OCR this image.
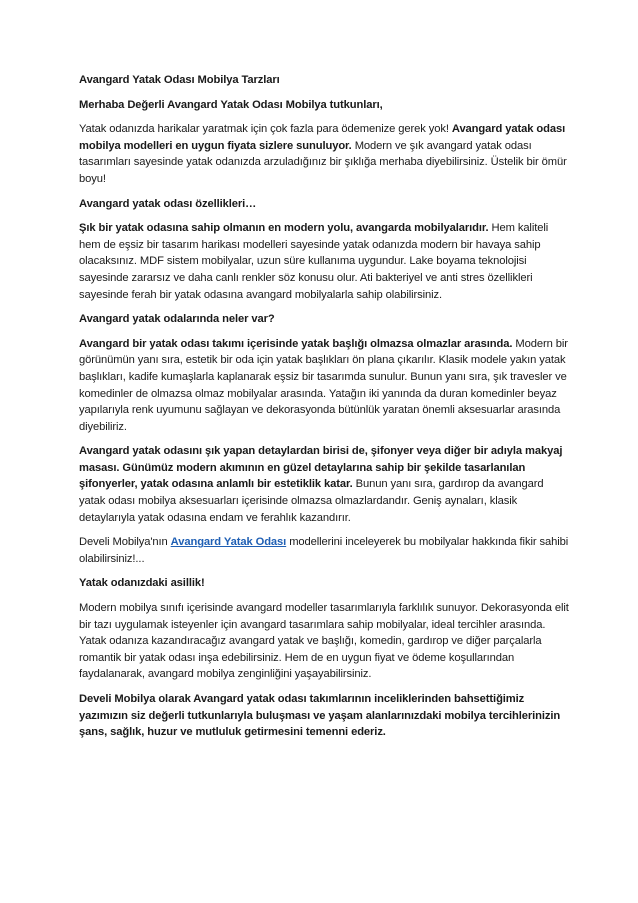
Avangard Yatak Odası Mobilya Tarzları
Merhaba Değerli Avangard Yatak Odası Mobilya tutkunları,
Yatak odanızda harikalar yaratmak için çok fazla para ödemenize gerek yok! Avangard yatak odası mobilya modelleri en uygun fiyata sizlere sunuluyor. Modern ve şık avangard yatak odası tasarımları sayesinde yatak odanızda arzuladığınız bir şıklığa merhaba diyebilirsiniz. Üstelik bir ömür boyu!
Avangard yatak odası özellikleri…
Şık bir yatak odasına sahip olmanın en modern yolu, avangarda mobilyalarıdır. Hem kaliteli hem de eşsiz bir tasarım harikası modelleri sayesinde yatak odanızda modern bir havaya sahip olacaksınız. MDF sistem mobilyalar, uzun süre kullanıma uygundur. Lake boyama teknolojisi sayesinde zararsız ve daha canlı renkler söz konusu olur. Ati bakteriyel ve anti stres özellikleri sayesinde ferah bir yatak odasına avangard mobilyalarla sahip olabilirsiniz.
Avangard yatak odalarında neler var?
Avangard bir yatak odası takımı içerisinde yatak başlığı olmazsa olmazlar arasında. Modern bir görünümün yanı sıra, estetik bir oda için yatak başlıkları ön plana çıkarılır. Klasik modele yakın yatak başlıkları, kadife kumaşlarla kaplanarak eşsiz bir tasarımda sunulur. Bunun yanı sıra, şık travesler ve komedinler de olmazsa olmaz mobilyalar arasında. Yatağın iki yanında da duran komedinler beyaz yapılarıyla renk uyumunu sağlayan ve dekorasyonda bütünlük yaratan önemli aksesuarlar arasında diyebiliriz.
Avangard yatak odasını şık yapan detaylardan birisi de, şifonyer veya diğer bir adıyla makyaj masası. Günümüz modern akımının en güzel detaylarına sahip bir şekilde tasarlanılan şifonyerler, yatak odasına anlamlı bir estetiklik katar. Bunun yanı sıra, gardırop da avangard yatak odası mobilya aksesuarları içerisinde olmazsa olmazlardandır. Geniş aynaları, klasik detaylarıyla yatak odasına endam ve ferahlık kazandırır.
Develi Mobilya'nın Avangard Yatak Odası modellerini inceleyerek bu mobilyalar hakkında fikir sahibi olabilirsiniz!...
Yatak odanızdaki asillik!
Modern mobilya sınıfı içerisinde avangard modeller tasarımlarıyla farklılık sunuyor. Dekorasyonda elit bir tazı uygulamak isteyenler için avangard tasarımlara sahip mobilyalar, ideal tercihler arasında. Yatak odanıza kazandıracağız avangard yatak ve başlığı, komedin, gardırop ve diğer parçalarla romantik bir yatak odası inşa edebilirsiniz. Hem de en uygun fiyat ve ödeme koşullarından faydalanarak, avangard mobilya zenginliğini yaşayabilirsiniz.
Develi Mobilya olarak Avangard yatak odası takımlarının inceliklerinden bahsettiğimiz yazımızın siz değerli tutkunlarıyla buluşması ve yaşam alanlarınızdaki mobilya tercihlerinizin şans, sağlık, huzur ve mutluluk getirmesini temenni ederiz.
